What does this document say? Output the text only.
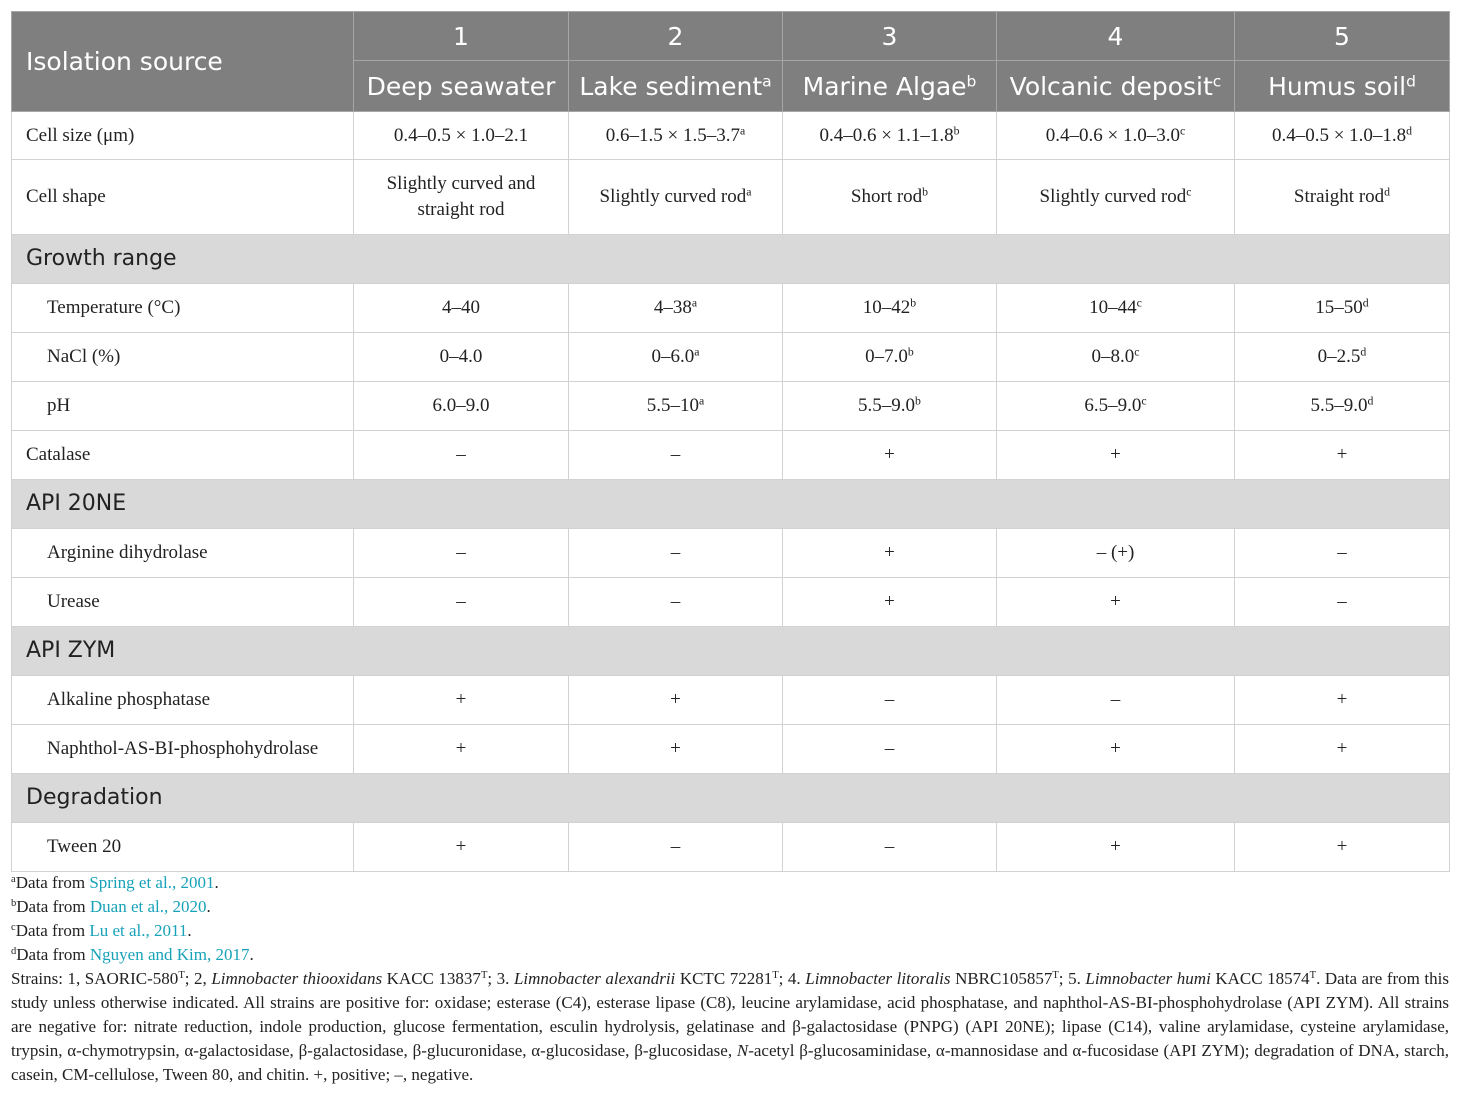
Isolation source	1	2	3	4	5
	Deep seawater	Lake sediment$^a$	Marine Algae$^b$	Volcanic deposit$^c$	Humus soil$^d$
Cell size (μm)	0.4–0.5 × 1.0–2.1	0.6–1.5 × 1.5–3.7$^a$	0.4–0.6 × 1.1–1.8$^b$	0.4–0.6 × 1.0–3.0$^c$	0.4–0.5 × 1.0–1.8$^d$
Cell shape	Slightly curved and straight rod	Slightly curved rod$^a$	Short rod$^b$	Slightly curved rod$^c$	Straight rod$^d$
Growth range					
Temperature (°C)	4–40	4–38$^a$	10–42$^b$	10–44$^c$	15–50$^d$
NaCl (%)	0–4.0	0–6.0$^a$	0–7.0$^b$	0–8.0$^c$	0–2.5$^d$
pH	6.0–9.0	5.5–10$^a$	5.5–9.0$^b$	6.5–9.0$^c$	5.5–9.0$^d$
Catalase	–	–	+	+	+
API 20NE					
Arginine dihydrolase	–	–	+	– (+)	–
Urease	–	–	+	+	–
API ZYM					
Alkaline phosphatase	+	+	–	–	+
Naphthol-AS-BI-phosphohydrolase	+	+	–	+	+
Degradation					
Tween 20	+	–	–	+	+
$^a$Data from Spring et al., 2001.
$^b$Data from Duan et al., 2020.
$^c$Data from Lu et al., 2011.
$^d$Data from Nguyen and Kim, 2017.
Strains: 1, SAORIC-$580^T$; 2, Limnobacter thiooxidans KACC $13837^T$; 3. Limnobacter alexandrii KCTC $72281^T$; 4. Limnobacter litoralis $NBRC105857^T$; 5. Limnobacter humi KACC $18574^T$. Data are from this study unless otherwise indicated. All strains are positive for: oxidase; esterase (C4), esterase lipase (C8), leucine arylamidase, acid phosphatase, and naphthol-AS-BI-phosphohydrolase (API ZYM). All strains are negative for: nitrate reduction, indole production, glucose fermentation, esculin hydrolysis, gelatinase and β-galactosidase (PNPG) (API 20NE); lipase (C14), valine arylamidase, cysteine arylamidase, trypsin, α-chymotrypsin, α-galactosidase, β-galactosidase, β-glucuronidase, α-glucosidase, β-glucosidase, N-acetyl β-glucosaminidase, α-mannosidase and α-fucosidase (API ZYM); degradation of DNA, starch, casein, CM-cellulose, Tween 80, and chitin. +, positive; –, negative.
